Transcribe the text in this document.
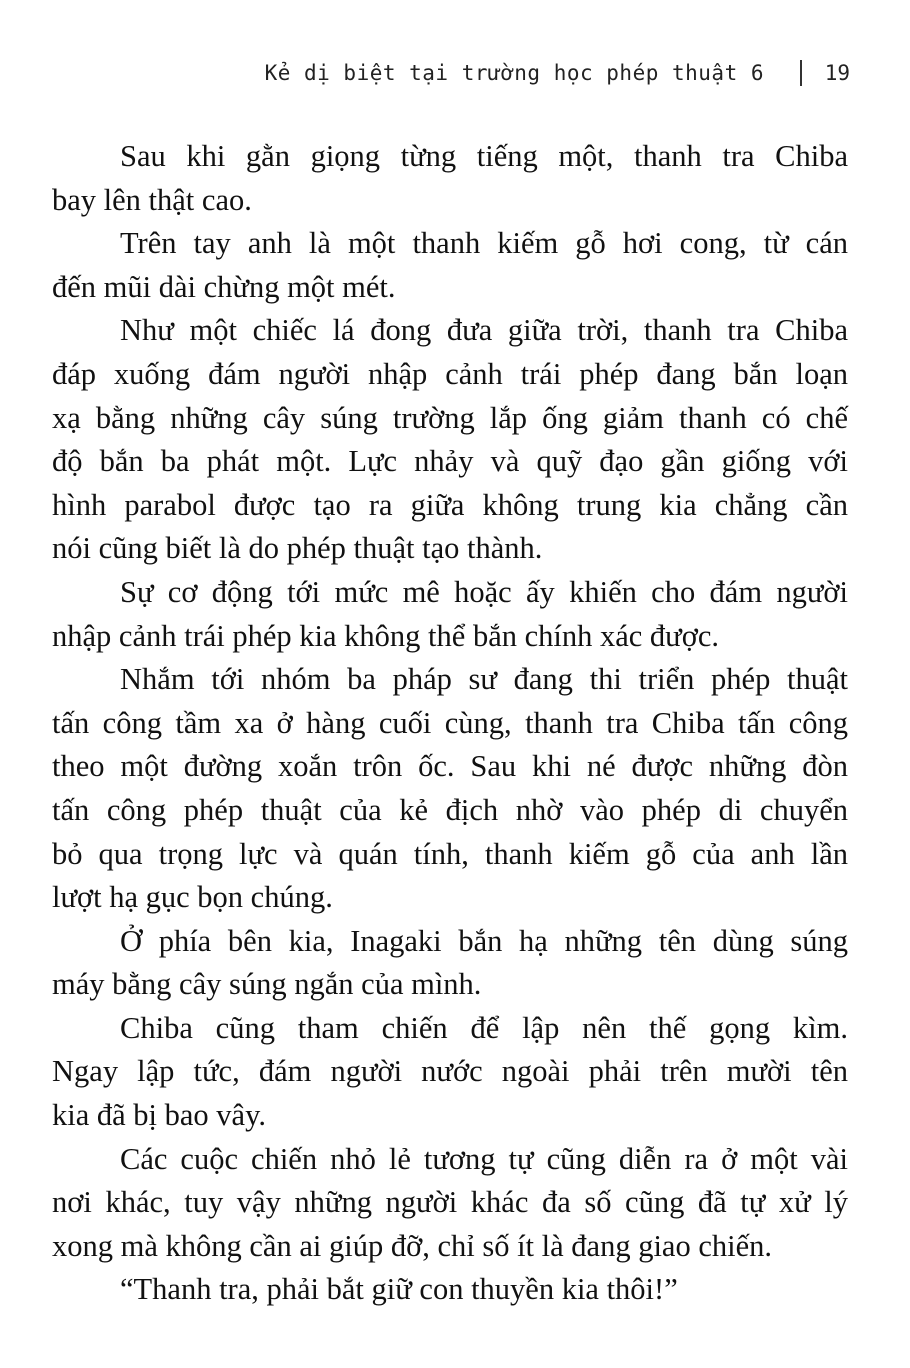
Kẻ dị biệt tại trường học phép thuật 6	19
Sau khi gằn giọng từng tiếng một, thanh tra Chiba
bay lên thật cao.
Trên tay anh là một thanh kiếm gỗ hơi cong, từ cán
đến mũi dài chừng một mét.
Như một chiếc lá đong đưa giữa trời, thanh tra Chiba
đáp xuống đám người nhập cảnh trái phép đang bắn loạn
xạ bằng những cây súng trường lắp ống giảm thanh có chế
độ bắn ba phát một. Lực nhảy và quỹ đạo gần giống với
hình parabol được tạo ra giữa không trung kia chẳng cần
nói cũng biết là do phép thuật tạo thành.
Sự cơ động tới mức mê hoặc ấy khiến cho đám người
nhập cảnh trái phép kia không thể bắn chính xác được.
Nhắm tới nhóm ba pháp sư đang thi triển phép thuật
tấn công tầm xa ở hàng cuối cùng, thanh tra Chiba tấn công
theo một đường xoắn trôn ốc. Sau khi né được những đòn
tấn công phép thuật của kẻ địch nhờ vào phép di chuyển
bỏ qua trọng lực và quán tính, thanh kiếm gỗ của anh lần
lượt hạ gục bọn chúng.
Ở phía bên kia, Inagaki bắn hạ những tên dùng súng
máy bằng cây súng ngắn của mình.
Chiba cũng tham chiến để lập nên thế gọng kìm.
Ngay lập tức, đám người nước ngoài phải trên mười tên
kia đã bị bao vây.
Các cuộc chiến nhỏ lẻ tương tự cũng diễn ra ở một vài
nơi khác, tuy vậy những người khác đa số cũng đã tự xử lý
xong mà không cần ai giúp đỡ, chỉ số ít là đang giao chiến.
“Thanh tra, phải bắt giữ con thuyền kia thôi!”
